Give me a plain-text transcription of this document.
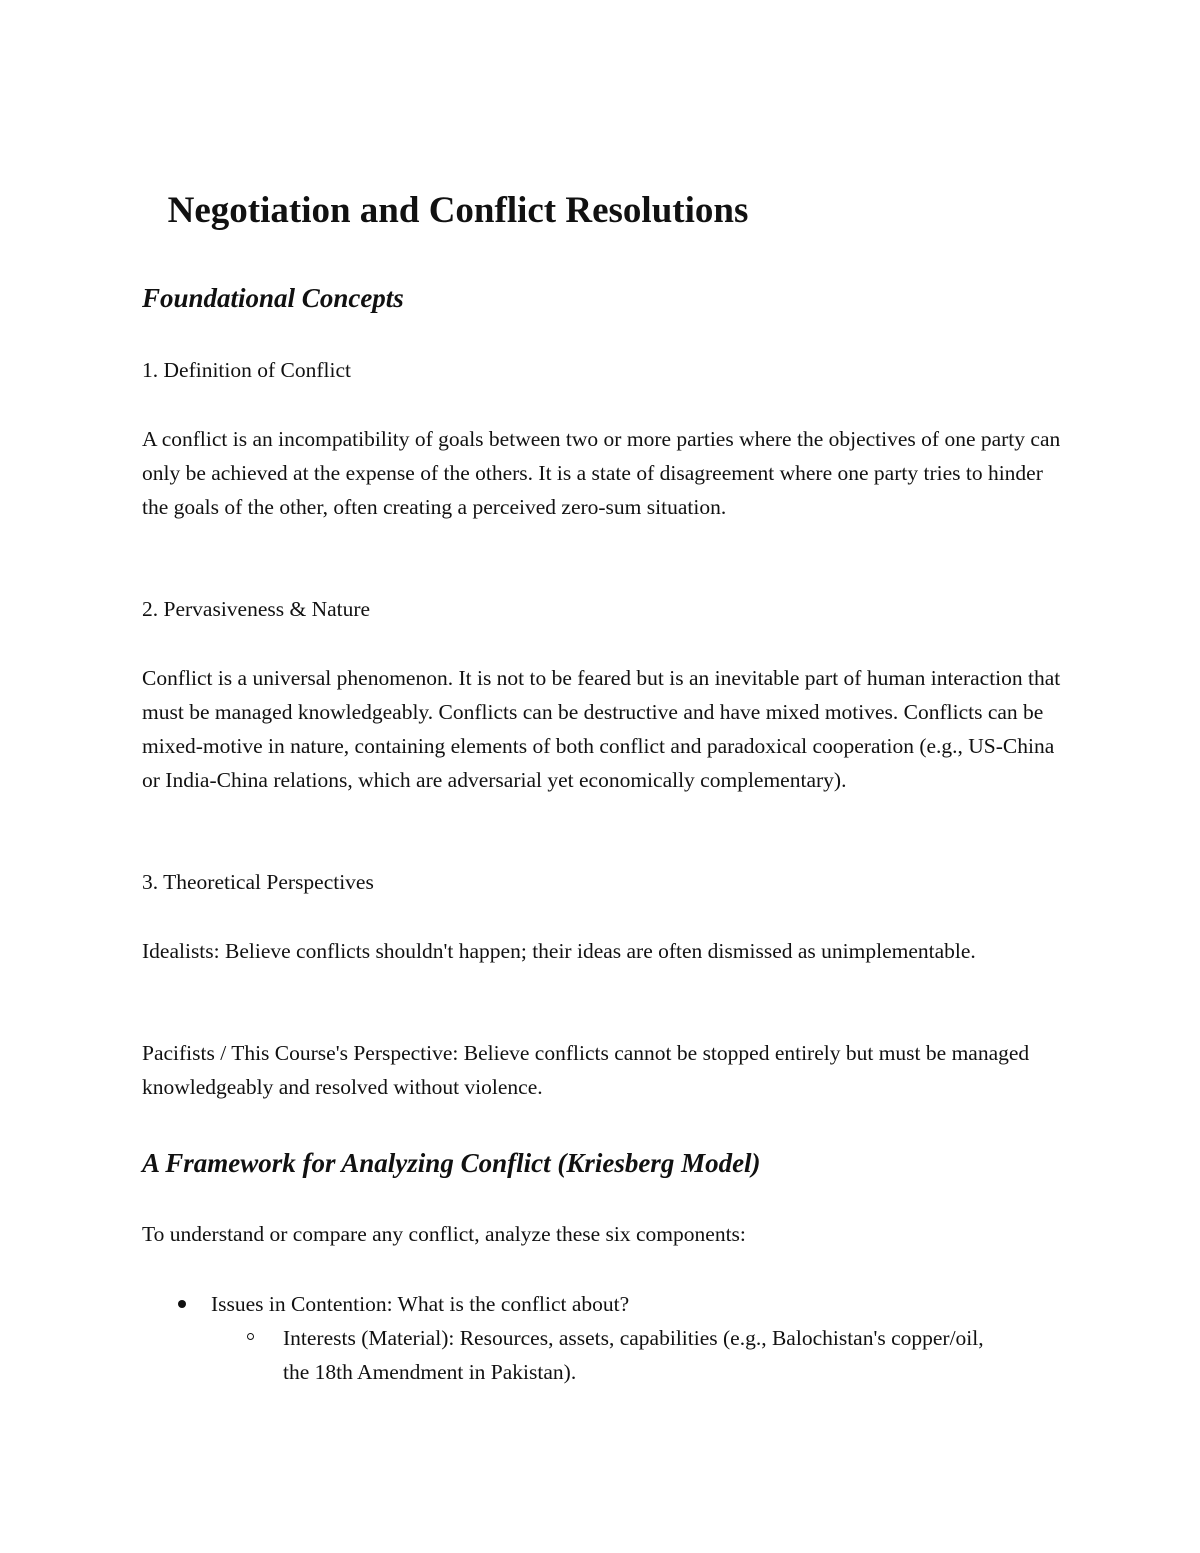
Negotiation and Conflict Resolutions
Foundational Concepts

1. Definition of Conflict

A conflict is an incompatibility of goals between two or more parties where the objectives of one party can only be achieved at the expense of the others. It is a state of disagreement where one party tries to hinder the goals of the other, often creating a perceived zero-sum situation.

2. Pervasiveness & Nature

Conflict is a universal phenomenon. It is not to be feared but is an inevitable part of human interaction that must be managed knowledgeably. Conflicts can be destructive and have mixed motives. Conflicts can be mixed-motive in nature, containing elements of both conflict and paradoxical cooperation (e.g., US-China or India-China relations, which are adversarial yet economically complementary).

3. Theoretical Perspectives

Idealists: Believe conflicts shouldn't happen; their ideas are often dismissed as unimplementable.

Pacifists / This Course's Perspective: Believe conflicts cannot be stopped entirely but must be managed knowledgeably and resolved without violence.

A Framework for Analyzing Conflict (Kriesberg Model)

To understand or compare any conflict, analyze these six components:

Issues in Contention: What is the conflict about?
Interests (Material): Resources, assets, capabilities (e.g., Balochistan's copper/oil, the 18th Amendment in Pakistan).
